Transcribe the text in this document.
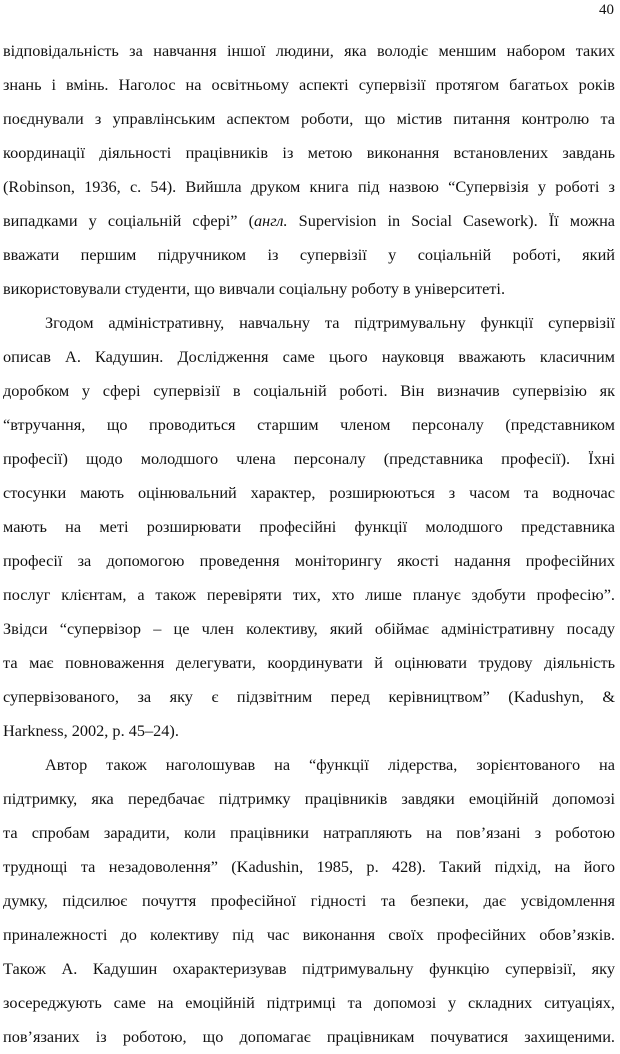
40

відповідальність за навчання іншої людини, яка володіє меншим набором таких
знань і вмінь. Наголос на освітньому аспекті супервізії протягом багатьох років
поєднували з управлінським аспектом роботи, що містив питання контролю та
координації діяльності працівників із метою виконання встановлених завдань
(Robinson, 1936, с. 54). Вийшла друком книга під назвою “Супервізія у роботі з
випадками у соціальній сфері” (англ. Supervision in Social Casework). Її можна
вважати першим підручником із супервізії у соціальній роботі, який
використовували студенти, що вивчали соціальну роботу в університеті.

Згодом адміністративну, навчальну та підтримувальну функції супервізії
описав А. Кадушин. Дослідження саме цього науковця вважають класичним
доробком у сфері супервізії в соціальній роботі. Він визначив супервізію як
“втручання, що проводиться старшим членом персоналу (представником
професії) щодо молодшого члена персоналу (представника професії). Їхні
стосунки мають оцінювальний характер, розширюються з часом та водночас
мають на меті розширювати професійні функції молодшого представника
професії за допомогою проведення моніторингу якості надання професійних
послуг клієнтам, а також перевіряти тих, хто лише планує здобути професію”.
Звідси “супервізор – це член колективу, який обіймає адміністративну посаду
та має повноваження делегувати, координувати й оцінювати трудову діяльність
супервізованого, за яку є підзвітним перед керівництвом” (Kadushyn, &
Harkness, 2002, p. 45–24).

Автор також наголошував на “функції лідерства, зорієнтованого на
підтримку, яка передбачає підтримку працівників завдяки емоційній допомозі
та спробам зарадити, коли працівники натрапляють на пов’язані з роботою
труднощі та незадоволення” (Kadushin, 1985, p. 428). Такий підхід, на його
думку, підсилює почуття професійної гідності та безпеки, дає усвідомлення
приналежності до колективу під час виконання своїх професійних обов’язків.
Також А. Кадушин охарактеризував підтримувальну функцію супервізії, яку
зосереджують саме на емоційній підтримці та допомозі у складних ситуаціях,
пов’язаних із роботою, що допомагає працівникам почуватися захищеними.
